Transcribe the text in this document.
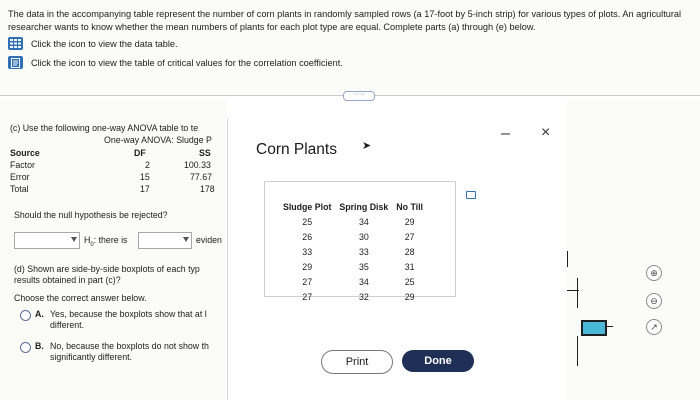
The data in the accompanying table represent the number of corn plants in randomly sampled rows (a 17-foot by 5-inch strip) for various types of plots. An agricultural researcher wants to know whether the mean numbers of plants for each plot type are equal. Complete parts (a) through (e) below.

Click the icon to view the data table.
Click the icon to view the table of critical values for the correlation coefficient.
·····
(c) Use the following one-way ANOVA table to te
One-way ANOVA: Sludge P
Source	DF	SS
Factor	2	100.33
Error	15	77.67
Total	17	178
Should the null hypothesis be rejected?
$H_0$: there is	eviden
(d) Shown are side-by-side boxplots of each typ
results obtained in part (c)?
Choose the correct answer below.
A. Yes, because the boxplots show that at l
different.
B. No, because the boxplots do not show th
significantly different.
Corn Plants ➤
Sludge Plot	Spring Disk	No Till
25	34	29
26	30	27
33	33	28
29	35	31
27	34	25
27	32	29
Print	Done
– ×
⊕
⊖
↗
